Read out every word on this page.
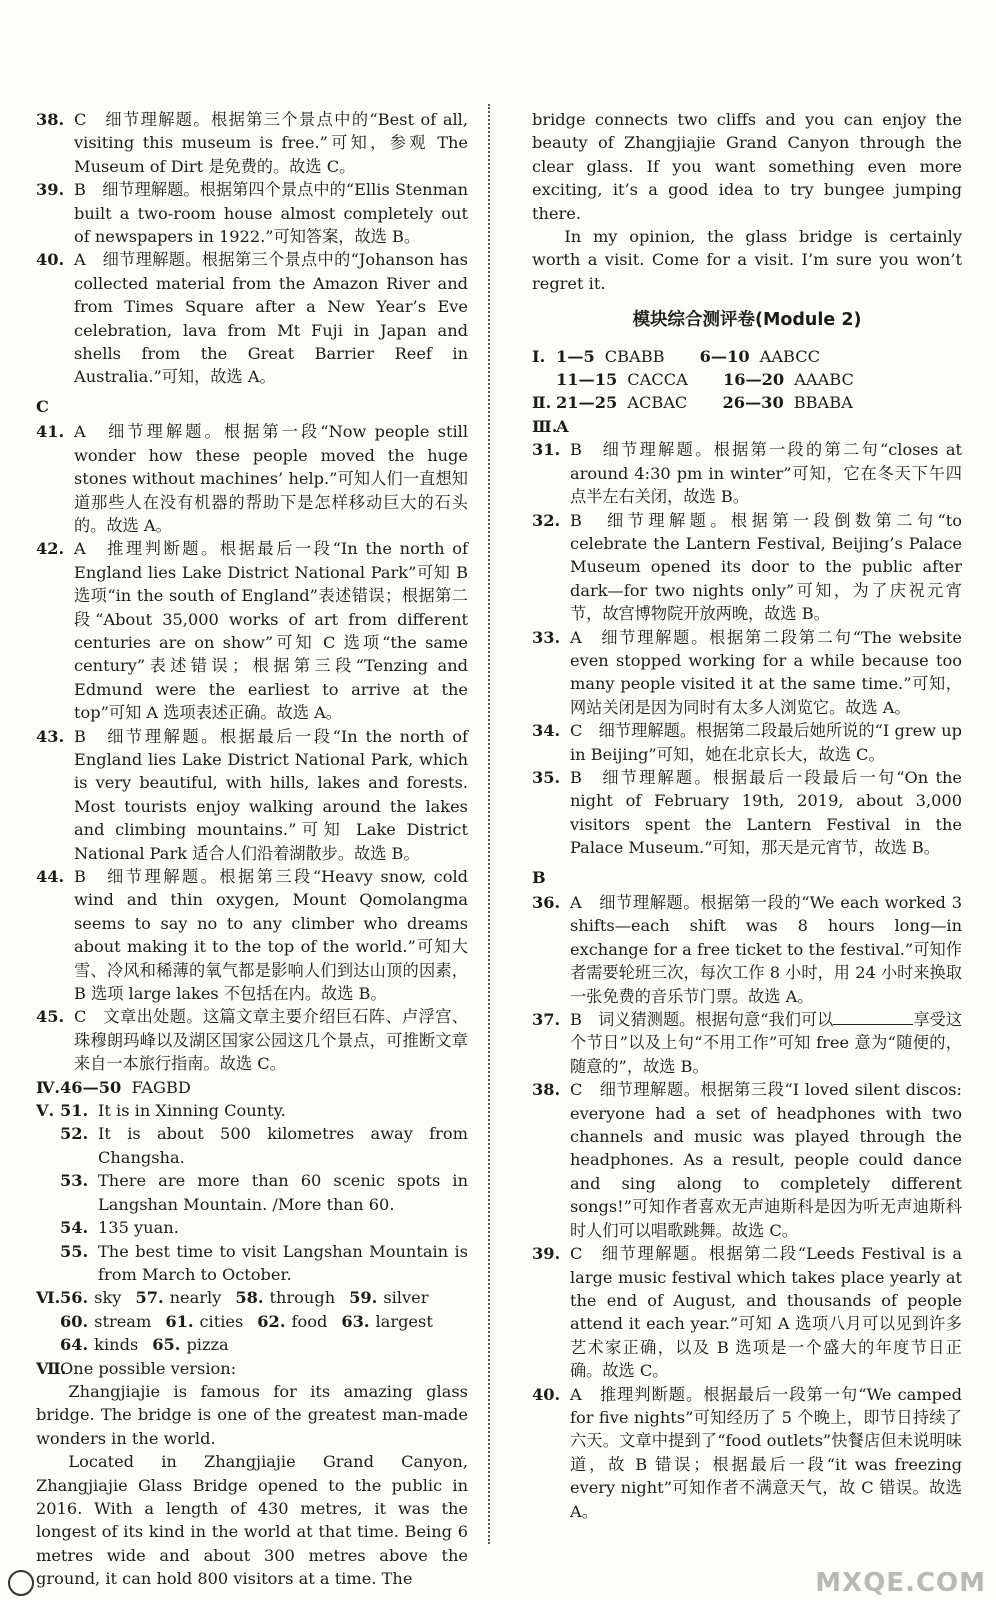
38. C　细节理解题。根据第三个景点中的“Best of all, visiting this museum is free.”可知，参观 The Museum of Dirt 是免费的。故选 C。
39. B　细节理解题。根据第四个景点中的“Ellis Stenman built a two-room house almost completely out of newspapers in 1922.”可知答案，故选 B。
40. A　细节理解题。根据第三个景点中的“Johanson has collected material from the Amazon River and from Times Square after a New Year’s Eve celebration, lava from Mt Fuji in Japan and shells from the Great Barrier Reef in Australia.”可知，故选 A。
C
41. A　细节理解题。根据第一段“Now people still wonder how these people moved the huge stones without machines’ help.”可知人们一直想知道那些人在没有机器的帮助下是怎样移动巨大的石头的。故选 A。
42. A　推理判断题。根据最后一段“In the north of England lies Lake District National Park”可知 B 选项“in the south of England”表述错误；根据第二段“About 35,000 works of art from different centuries are on show”可知 C 选项“the same century”表述错误；根据第三段“Tenzing and Edmund were the earliest to arrive at the top”可知 A 选项表述正确。故选 A。
43. B　细节理解题。根据最后一段“In the north of England lies Lake District National Park, which is very beautiful, with hills, lakes and forests. Most tourists enjoy walking around the lakes and climbing mountains.”可知 Lake District National Park 适合人们沿着湖散步。故选 B。
44. B　细节理解题。根据第三段“Heavy snow, cold wind and thin oxygen, Mount Qomolangma seems to say no to any climber who dreams about making it to the top of the world.”可知大雪、冷风和稀薄的氧气都是影响人们到达山顶的因素，B 选项 large lakes 不包括在内。故选 B。
45. C　文章出处题。这篇文章主要介绍巨石阵、卢浮宫、珠穆朗玛峰以及湖区国家公园这几个景点，可推断文章来自一本旅行指南。故选 C。
Ⅳ. 46—50 FAGBD
Ⅴ. 51. It is in Xinning County.
52. It is about 500 kilometres away from Changsha.
53. There are more than 60 scenic spots in Langshan Mountain. /More than 60.
54. 135 yuan.
55. The best time to visit Langshan Mountain is from March to October.
Ⅵ. 56. sky 57. nearly 58. through 59. silver
60. stream 61. cities 62. food 63. largest
64. kinds 65. pizza
Ⅶ.
One possible version:
Zhangjiajie is famous for its amazing glass bridge. The bridge is one of the greatest man-made wonders in the world.
Located in Zhangjiajie Grand Canyon, Zhangjiajie Glass Bridge opened to the public in 2016. With a length of 430 metres, it was the longest of its kind in the world at that time. Being 6 metres wide and about 300 metres above the ground, it can hold 800 visitors at a time. The
bridge connects two cliffs and you can enjoy the beauty of Zhangjiajie Grand Canyon through the clear glass. If you want something even more exciting, it’s a good idea to try bungee jumping there.
In my opinion, the glass bridge is certainly worth a visit. Come for a visit. I’m sure you won’t regret it.
模块综合测评卷(Module 2)
Ⅰ. 1—5 CBABB 6—10 AABCC
11—15 CACCA 16—20 AAABC
Ⅱ. 21—25 ACBAC 26—30 BBABA
Ⅲ.
A
31. B　细节理解题。根据第一段的第二句“closes at around 4:30 pm in winter”可知，它在冬天下午四点半左右关闭，故选 B。
32. B　细节理解题。根据第一段倒数第二句“to celebrate the Lantern Festival, Beijing’s Palace Museum opened its door to the public after dark—for two nights only”可知，为了庆祝元宵节，故宫博物院开放两晚，故选 B。
33. A　细节理解题。根据第二段第二句“The website even stopped working for a while because too many people visited it at the same time.”可知，网站关闭是因为同时有太多人浏览它。故选 A。
34. C　细节理解题。根据第二段最后她所说的“I grew up in Beijing”可知，她在北京长大，故选 C。
35. B　细节理解题。根据最后一段最后一句“On the night of February 19th, 2019, about 3,000 visitors spent the Lantern Festival in the Palace Museum.”可知，那天是元宵节，故选 B。
B
36. A　细节理解题。根据第一段的“We each worked 3 shifts—each shift was 8 hours long—in exchange for a free ticket to the festival.”可知作者需要轮班三次，每次工作 8 小时，用 24 小时来换取一张免费的音乐节门票。故选 A。
37. B　词义猜测题。根据句意“我们可以	享受这个节日”以及上句“不用工作”可知 free 意为“随便的，随意的”，故选 B。
38. C　细节理解题。根据第三段“I loved silent discos: everyone had a set of headphones with two channels and music was played through the headphones. As a result, people could dance and sing along to completely different songs!”可知作者喜欢无声迪斯科是因为听无声迪斯科时人们可以唱歌跳舞。故选 C。
39. C　细节理解题。根据第二段“Leeds Festival is a large music festival which takes place yearly at the end of August, and thousands of people attend it each year.”可知 A 选项八月可以见到许多艺术家正确，以及 B 选项是一个盛大的年度节日正确。故选 C。
40. A　推理判断题。根据最后一段第一句“We camped for five nights”可知经历了 5 个晚上，即节日持续了六天。文章中提到了“food outlets”快餐店但未说明味道，故 B 错误；根据最后一段“it was freezing every night”可知作者不满意天气，故 C 错误。故选 A。
MXQE.COM
